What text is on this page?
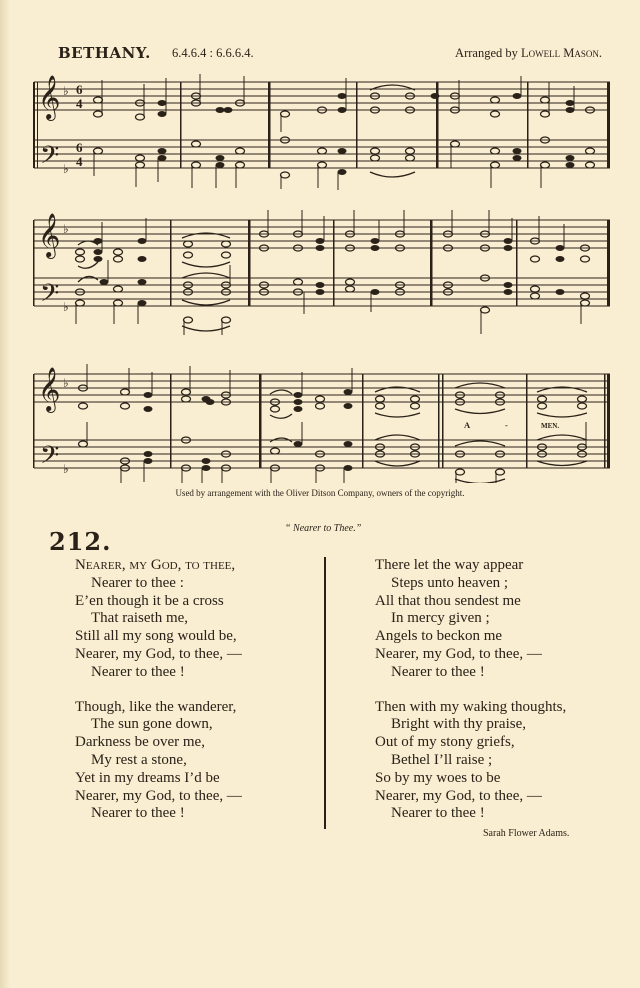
BETHANY. 6.4.6.4 : 6.6.6.4.	Arranged by Lowell Mason.
𝄞
𝄢
♭
♭
6
4
6
4
𝄞
𝄢
♭
♭
𝄞
𝄢
♭
♭
A	-	MEN.
Used by arrangement with the Oliver Ditson Company, owners of the copyright.
212.	“ Nearer to Thee.”
Nearer, my God, to thee,
Nearer to thee :
E’en though it be a cross
That raiseth me,
Still all my song would be,
Nearer, my God, to thee, —
Nearer to thee !
Though, like the wanderer,
The sun gone down,
Darkness be over me,
My rest a stone,
Yet in my dreams I’d be
Nearer, my God, to thee, —
Nearer to thee !
There let the way appear
Steps unto heaven ;
All that thou sendest me
In mercy given ;
Angels to beckon me
Nearer, my God, to thee, —
Nearer to thee !
Then with my waking thoughts,
Bright with thy praise,
Out of my stony griefs,
Bethel I’ll raise ;
So by my woes to be
Nearer, my God, to thee, —
Nearer to thee !
Sarah Flower Adams.
